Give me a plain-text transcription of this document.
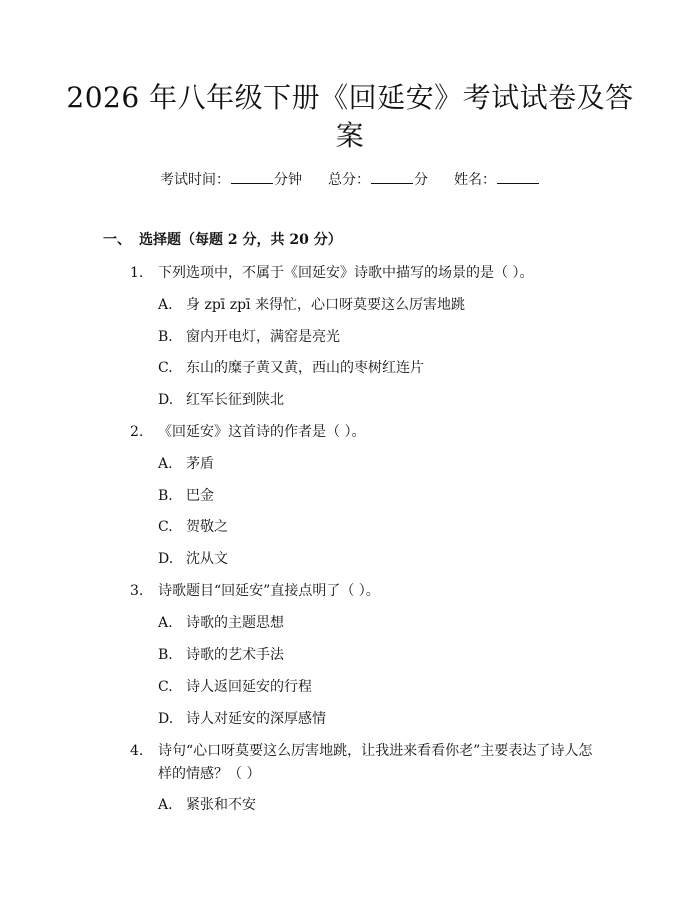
2026 年八年级下册《回延安》考试试卷及答
案
考试时间：	分钟 总分：	分 姓名：
一、 选择题（每题 2 分，共 20 分）
1. 下列选项中，不属于《回延安》诗歌中描写的场景的是（ ）。
A. 身 zpī zpī 来得忙，心口呀莫要这么厉害地跳
B. 窗内开电灯，满窑是亮光
C. 东山的糜子黄又黄，西山的枣树红连片
D. 红军长征到陕北
2. 《回延安》这首诗的作者是（ ）。
A. 茅盾
B. 巴金
C. 贺敬之
D. 沈从文
3. 诗歌题目“回延安”直接点明了（ ）。
A. 诗歌的主题思想
B. 诗歌的艺术手法
C. 诗人返回延安的行程
D. 诗人对延安的深厚感情
4. 诗句“心口呀莫要这么厉害地跳，让我进来看看你老”主要表达了诗人怎
样的情感？（ ）
A. 紧张和不安
